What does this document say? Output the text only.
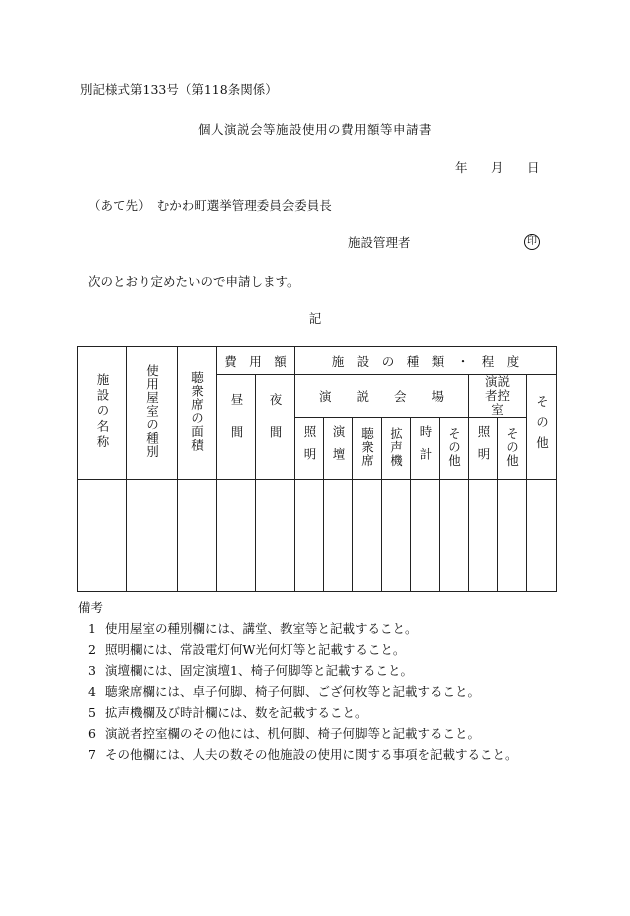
別記様式第133号（第118条関係）
個人演説会等施設使用の費用額等申請書
年 月 日
（あて先）　むかわ町選挙管理委員会委員長
施設管理者	印
次のとおり定めたいので申請します。
記
施設の名称	使用屋室の種別	聴衆席の面積	費　用　額		施　設　の　種　類　・　程　度								
			昼間	夜間	演　　説　　会　　場						演説者控　室		その他
					照明	演壇	聴衆席	拡声機	時計	その他	照明	その他	

備考
1 使用屋室の種別欄には、講堂、教室等と記載すること。
2 照明欄には、常設電灯何W光何灯等と記載すること。
3 演壇欄には、固定演壇1、椅子何脚等と記載すること。
4 聴衆席欄には、卓子何脚、椅子何脚、ござ何枚等と記載すること。
5 拡声機欄及び時計欄には、数を記載すること。
6 演説者控室欄のその他には、机何脚、椅子何脚等と記載すること。
7 その他欄には、人夫の数その他施設の使用に関する事項を記載すること。
